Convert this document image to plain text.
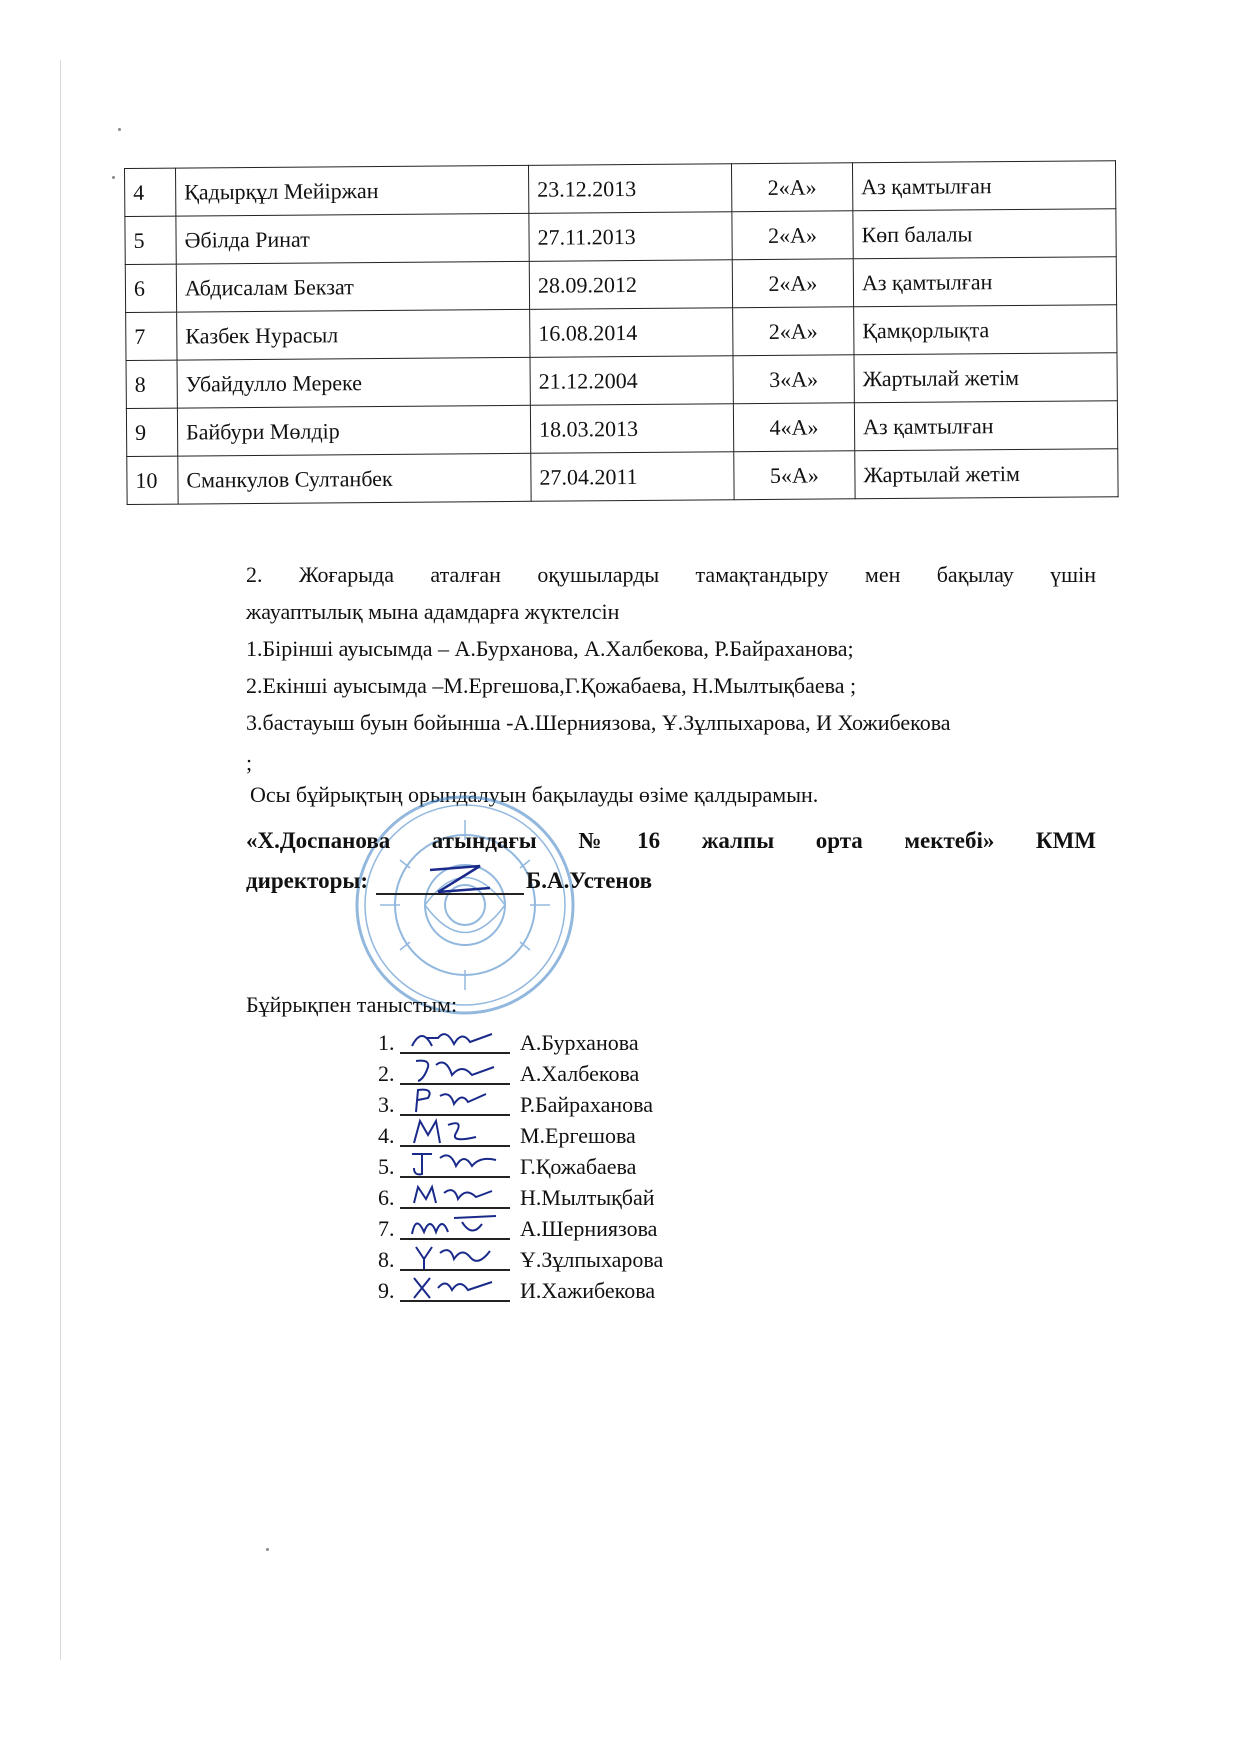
4	Қадырқұл Мейіржан	23.12.2013	2«А»	Аз қамтылған
5	Әбілда Ринат	27.11.2013	2«А»	Көп балалы
6	Абдисалам Бекзат	28.09.2012	2«А»	Аз қамтылған
7	Казбек Нурасыл	16.08.2014	2«А»	Қамқорлықта
8	Убайдулло Мереке	21.12.2004	3«А»	Жартылай жетім
9	Байбури Мөлдір	18.03.2013	4«А»	Аз қамтылған
10	Сманкулов Султанбек	27.04.2011	5«А»	Жартылай жетім
2. Жоғарыда аталған оқушыларды тамақтандыру мен бақылау үшін
жауаптылық мына адамдарға жүктелсін
1.Бірінші ауысымда – А.Бурханова, А.Халбекова, Р.Байраханова;
2.Екінші ауысымда –М.Ергешова,Г.Қожабаева, Н.Мылтықбаева ;
3.бастауыш буын бойынша -А.Шерниязова, Ұ.Зұлпыхарова, И Хожибекова
;
Осы бұйрықтың орындалуын бақылауды өзіме қалдырамын.
«Х.Доспанова атындағы №16 жалпы орта мектебі» КММ
директоры:	Б.А.Устенов
Бұйрықпен таныстым:
1.	А.Бурханова
2.	А.Халбекова
3.	Р.Байраханова
4.	М.Ергешова
5.	Г.Қожабаева
6.	Н.Мылтықбай
7.	А.Шерниязова
8.	Ұ.Зұлпыхарова
9.	И.Хажибекова
